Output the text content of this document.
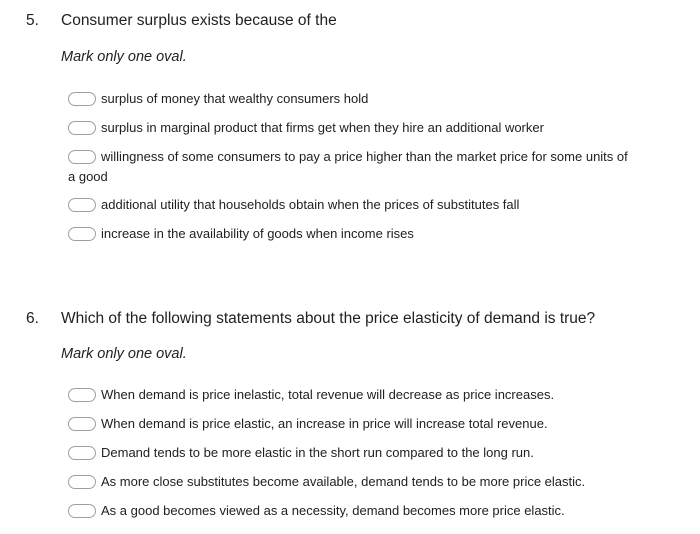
5. Consumer surplus exists because of the
Mark only one oval.
surplus of money that wealthy consumers hold
surplus in marginal product that firms get when they hire an additional worker
willingness of some consumers to pay a price higher than the market price for some units of a good
additional utility that households obtain when the prices of substitutes fall
increase in the availability of goods when income rises
6. Which of the following statements about the price elasticity of demand is true?
Mark only one oval.
When demand is price inelastic, total revenue will decrease as price increases.
When demand is price elastic, an increase in price will increase total revenue.
Demand tends to be more elastic in the short run compared to the long run.
As more close substitutes become available, demand tends to be more price elastic.
As a good becomes viewed as a necessity, demand becomes more price elastic.
